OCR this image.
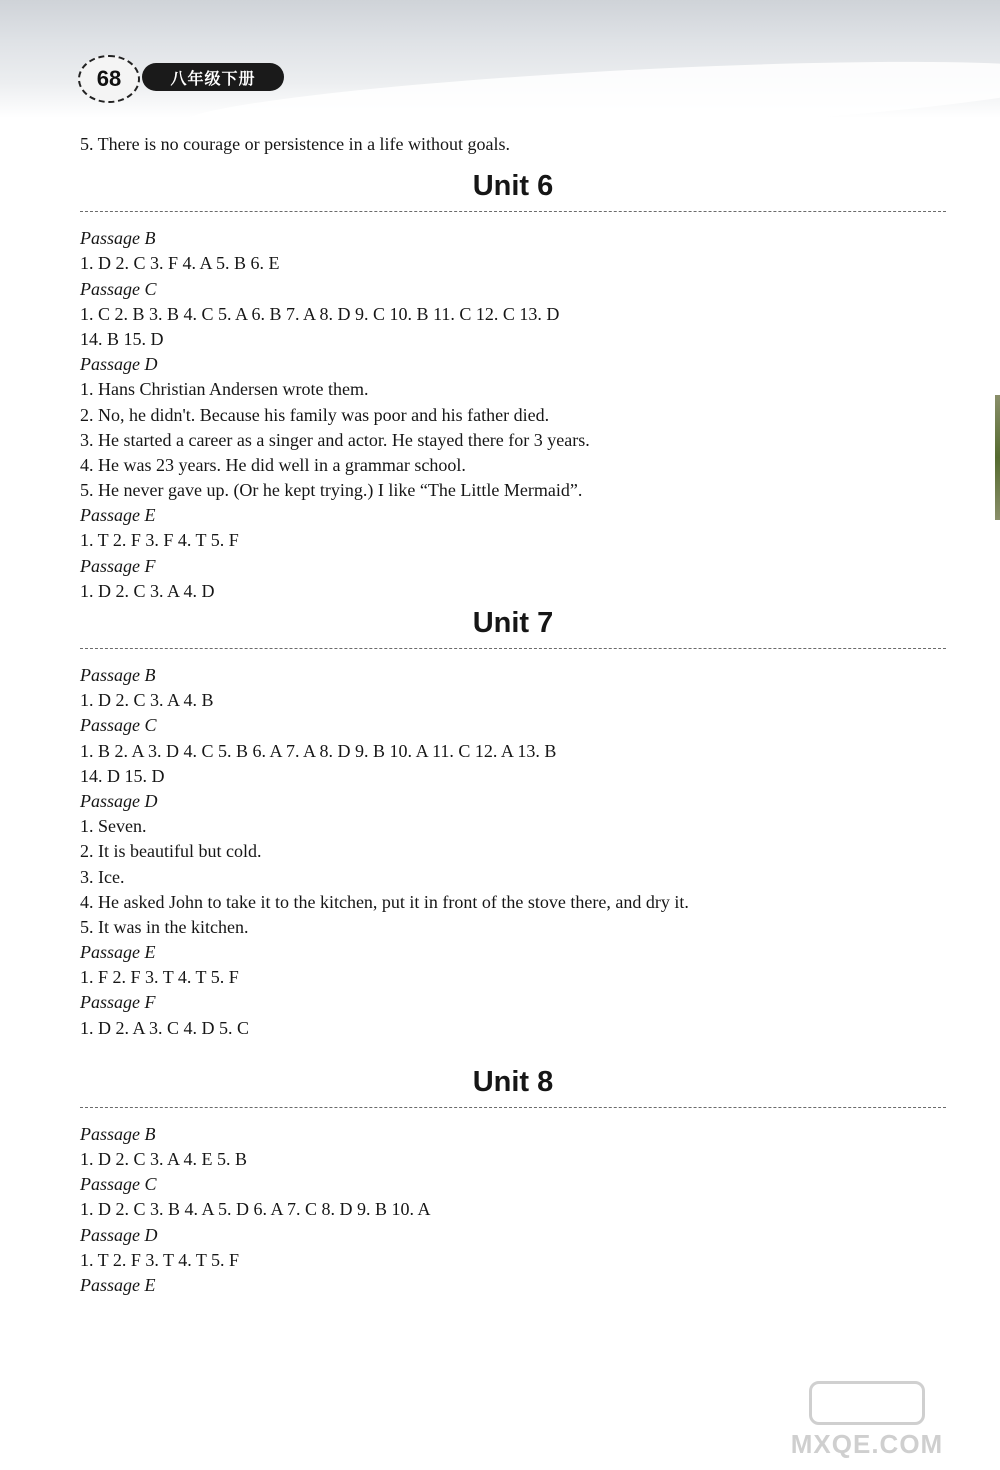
68	八年级下册
5. There is no courage or persistence in a life without goals.
Unit 6
Passage B
1. D 2. C 3. F 4. A 5. B 6. E
Passage C
1. C 2. B 3. B 4. C 5. A 6. B 7. A 8. D 9. C 10. B 11. C 12. C 13. D
14. B 15. D
Passage D
1. Hans Christian Andersen wrote them.
2. No, he didn't. Because his family was poor and his father died.
3. He started a career as a singer and actor. He stayed there for 3 years.
4. He was 23 years. He did well in a grammar school.
5. He never gave up. (Or he kept trying.) I like “The Little Mermaid”.
Passage E
1. T 2. F 3. F 4. T 5. F
Passage F
1. D 2. C 3. A 4. D
Unit 7
Passage B
1. D 2. C 3. A 4. B
Passage C
1. B 2. A 3. D 4. C 5. B 6. A 7. A 8. D 9. B 10. A 11. C 12. A 13. B
14. D 15. D
Passage D
1. Seven.
2. It is beautiful but cold.
3. Ice.
4. He asked John to take it to the kitchen, put it in front of the stove there, and dry it.
5. It was in the kitchen.
Passage E
1. F 2. F 3. T 4. T 5. F
Passage F
1. D 2. A 3. C 4. D 5. C
Unit 8
Passage B
1. D 2. C 3. A 4. E 5. B
Passage C
1. D 2. C 3. B 4. A 5. D 6. A 7. C 8. D 9. B 10. A
Passage D
1. T 2. F 3. T 4. T 5. F
Passage E
MXQE.COM
